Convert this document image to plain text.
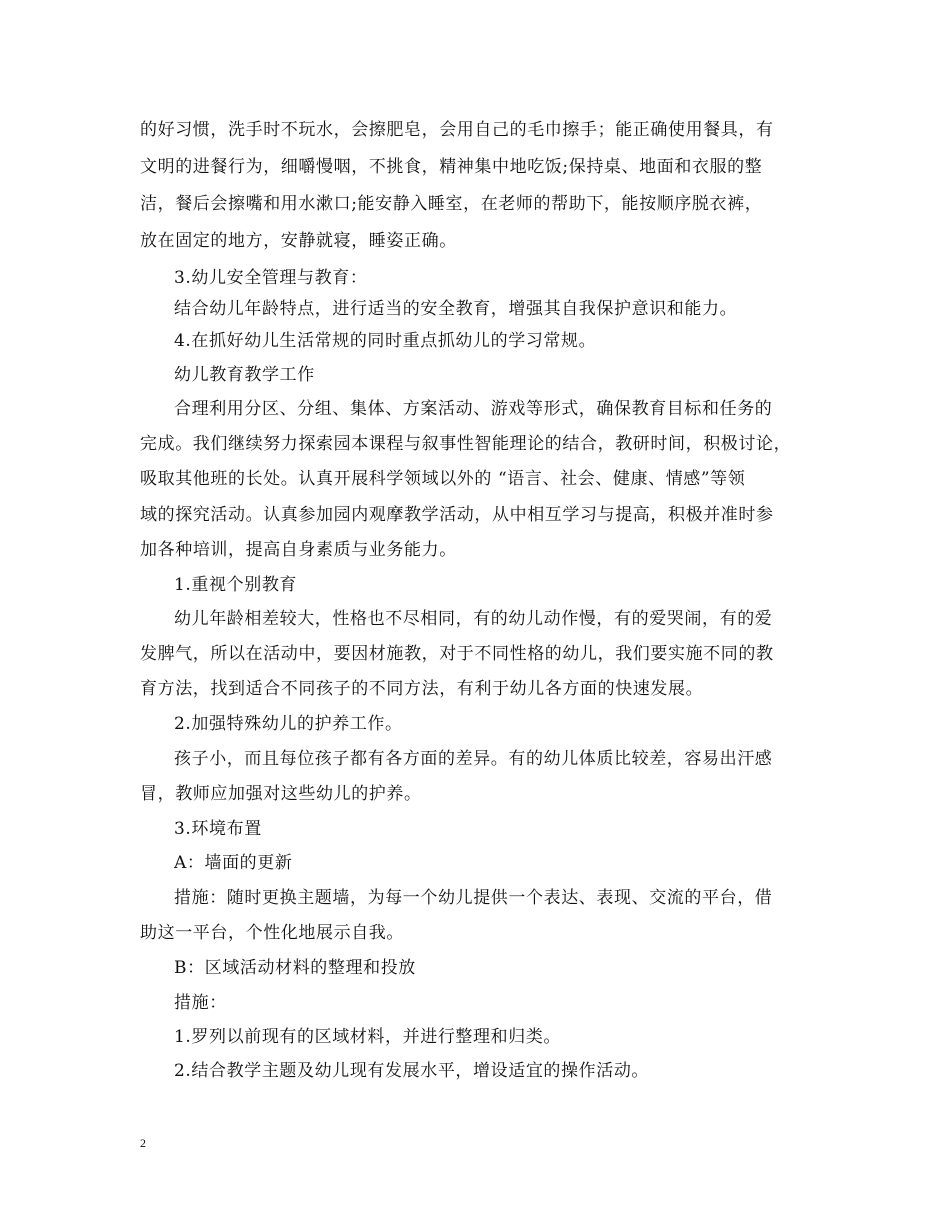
的好习惯，洗手时不玩水，会擦肥皂，会用自己的毛巾擦手；能正确使用餐具，有
文明的进餐行为，细嚼慢咽，不挑食，精神集中地吃饭;保持桌、地面和衣服的整
洁，餐后会擦嘴和用水漱口;能安静入睡室，在老师的帮助下，能按顺序脱衣裤，
放在固定的地方，安静就寝，睡姿正确。
3.幼儿安全管理与教育：
结合幼儿年龄特点，进行适当的安全教育，增强其自我保护意识和能力。
4.在抓好幼儿生活常规的同时重点抓幼儿的学习常规。
幼儿教育教学工作
合理利用分区、分组、集体、方案活动、游戏等形式，确保教育目标和任务的
完成。我们继续努力探索园本课程与叙事性智能理论的结合，教研时间，积极讨论，
吸取其他班的长处。认真开展科学领域以外的 “语言、社会、健康、情感”等领
域的探究活动。认真参加园内观摩教学活动，从中相互学习与提高，积极并准时参
加各种培训，提高自身素质与业务能力。
1.重视个别教育
幼儿年龄相差较大，性格也不尽相同，有的幼儿动作慢，有的爱哭闹，有的爱
发脾气，所以在活动中，要因材施教，对于不同性格的幼儿，我们要实施不同的教
育方法，找到适合不同孩子的不同方法，有利于幼儿各方面的快速发展。
2.加强特殊幼儿的护养工作。
孩子小，而且每位孩子都有各方面的差异。有的幼儿体质比较差，容易出汗感
冒，教师应加强对这些幼儿的护养。
3.环境布置
A：墙面的更新
措施：随时更换主题墙，为每一个幼儿提供一个表达、表现、交流的平台，借
助这一平台，个性化地展示自我。
B：区域活动材料的整理和投放
措施：
1.罗列以前现有的区域材料，并进行整理和归类。
2.结合教学主题及幼儿现有发展水平，增设适宜的操作活动。
2
